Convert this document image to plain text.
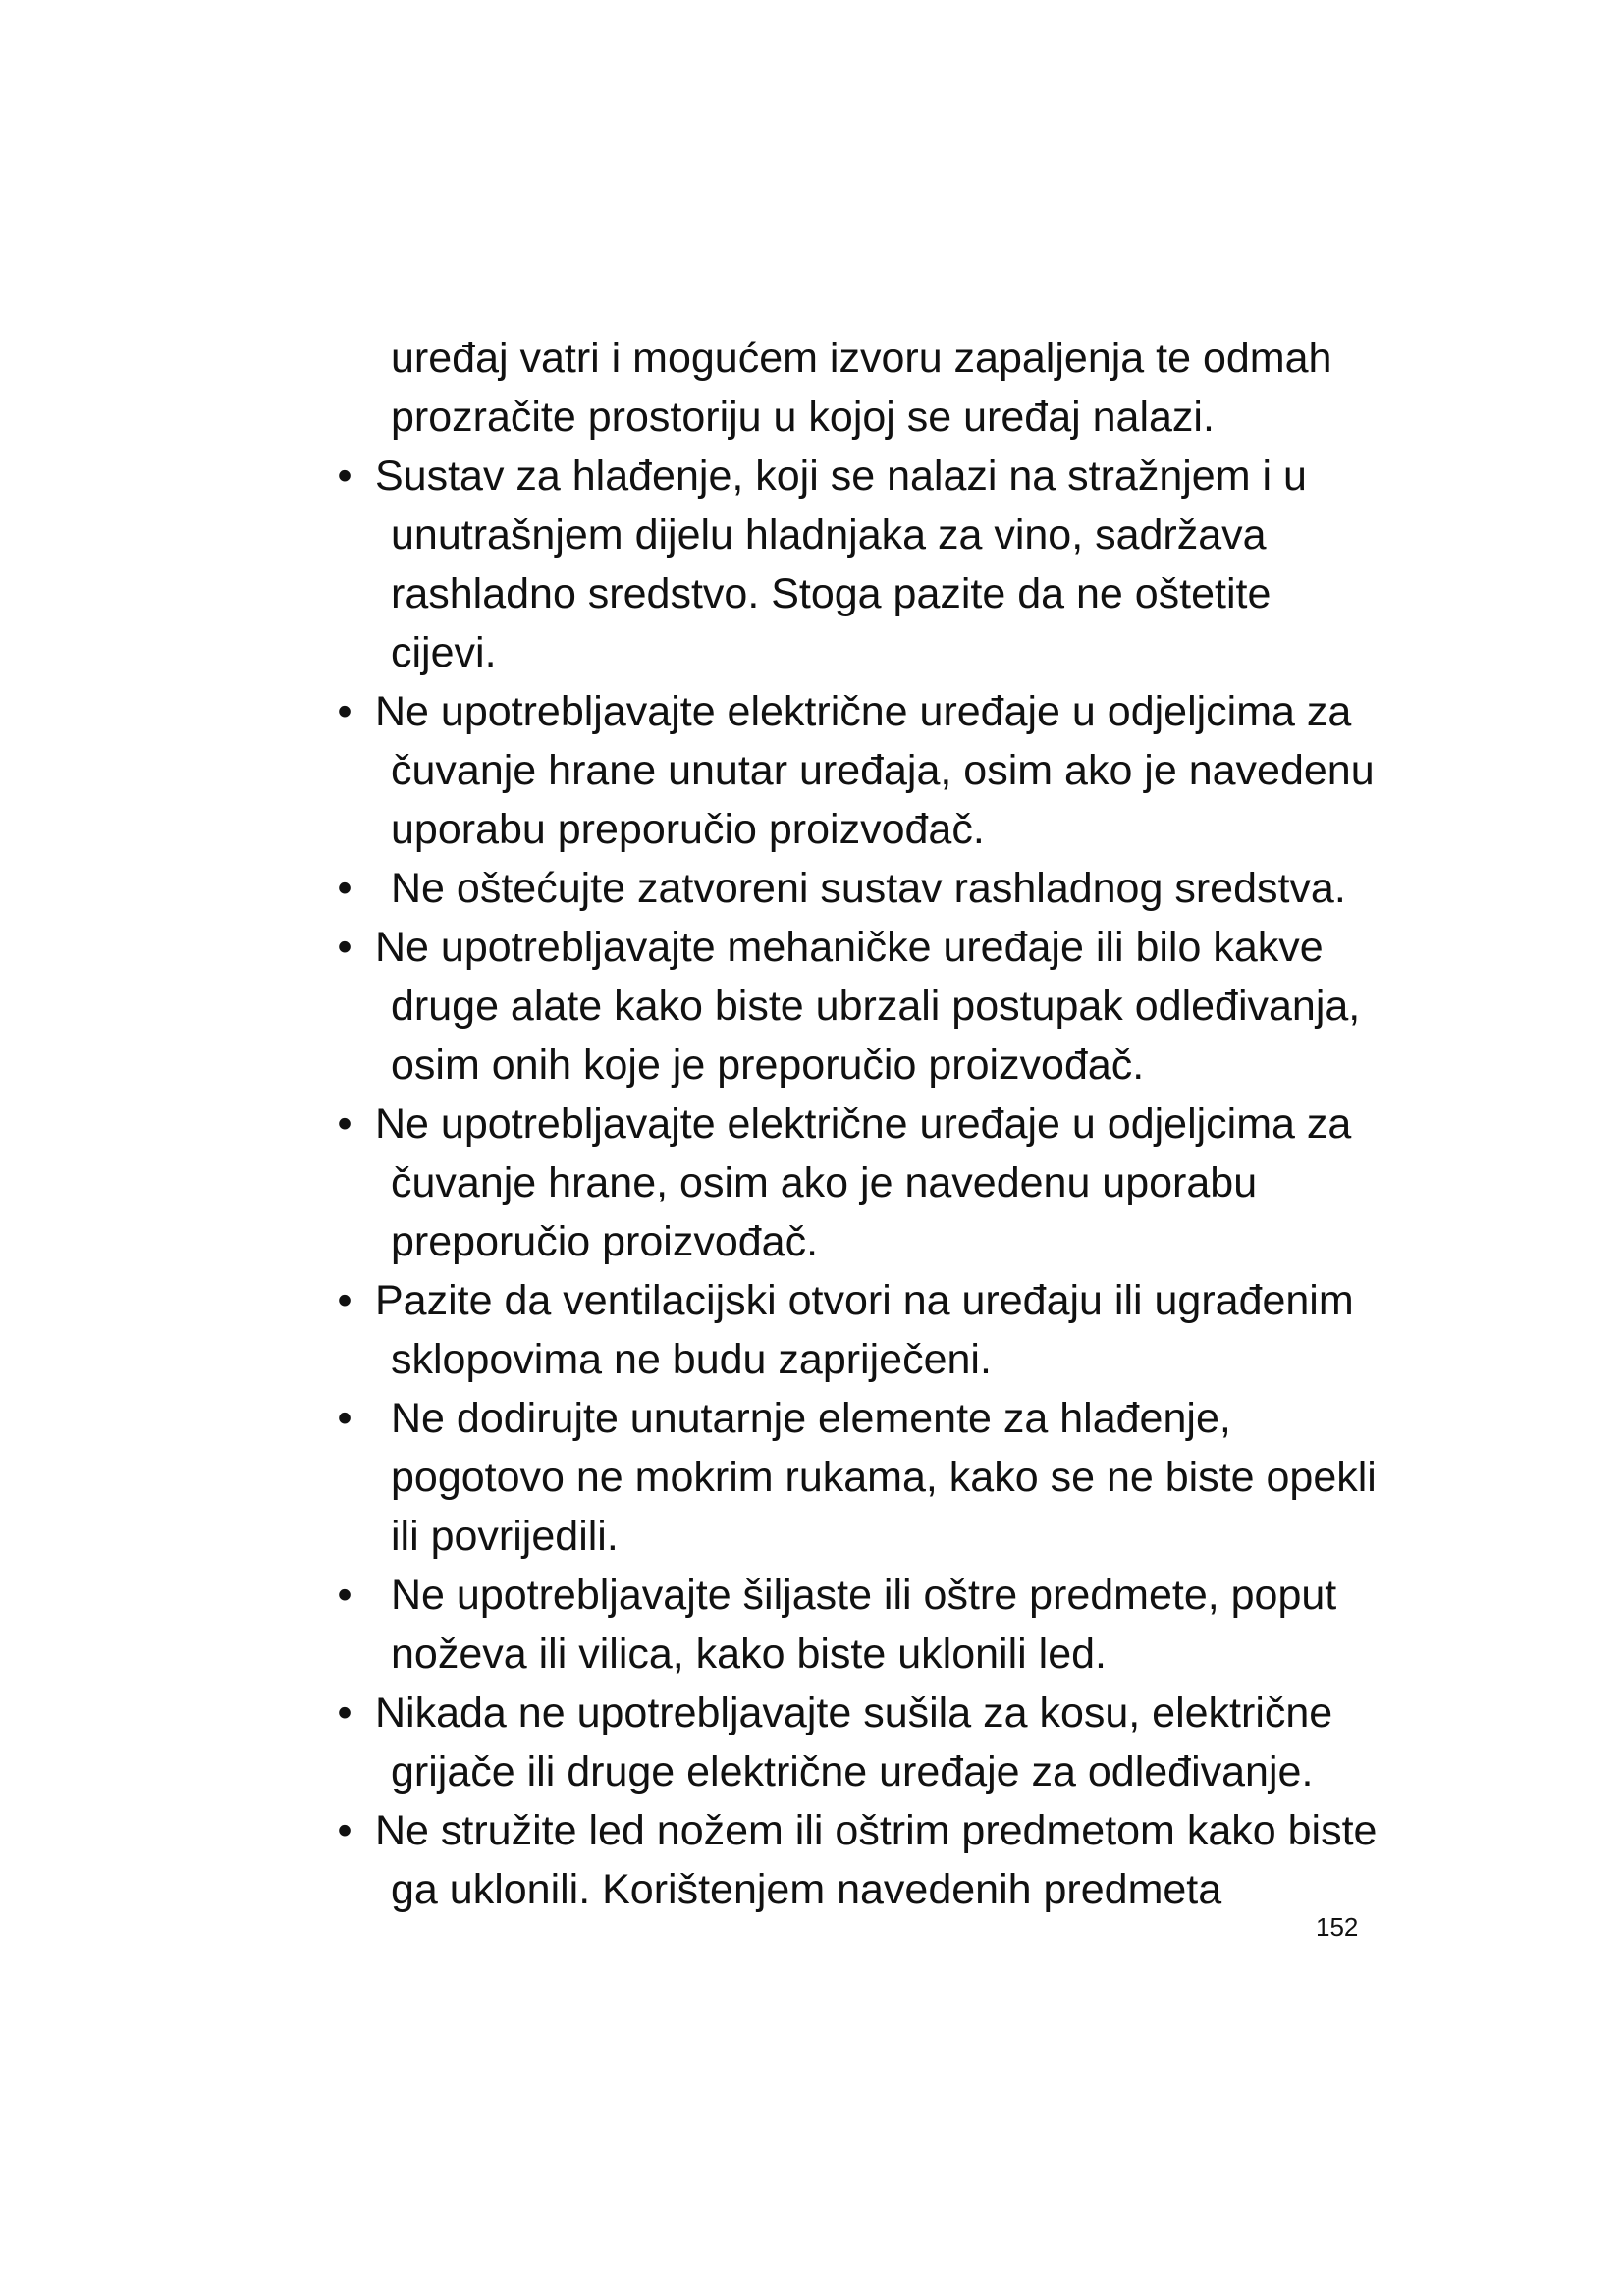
uređaj vatri i mogućem izvoru zapaljenja te odmah prozračite prostoriju u kojoj se uređaj nalazi.

• Sustav za hlađenje, koji se nalazi na stražnjem i u unutrašnjem dijelu hladnjaka za vino, sadržava rashladno sredstvo. Stoga pazite da ne oštetite cijevi.
• Ne upotrebljavajte električne uređaje u odjeljcima za čuvanje hrane unutar uređaja, osim ako je navedenu uporabu preporučio proizvođač.
• Ne oštećujte zatvoreni sustav rashladnog sredstva.
• Ne upotrebljavajte mehaničke uređaje ili bilo kakve druge alate kako biste ubrzali postupak odleđivanja, osim onih koje je preporučio proizvođač.
• Ne upotrebljavajte električne uređaje u odjeljcima za čuvanje hrane, osim ako je navedenu uporabu preporučio proizvođač.
• Pazite da ventilacijski otvori na uređaju ili ugrađenim sklopovima ne budu zapriječeni.
• Ne dodirujte unutarnje elemente za hlađenje, pogotovo ne mokrim rukama, kako se ne biste opekli ili povrijedili.
• Ne upotrebljavajte šiljaste ili oštre predmete, poput noževa ili vilica, kako biste uklonili led.
• Nikada ne upotrebljavajte sušila za kosu, električne grijače ili druge električne uređaje za odleđivanje.
• Ne stružite led nožem ili oštrim predmetom kako biste ga uklonili. Korištenjem navedenih predmeta
152
